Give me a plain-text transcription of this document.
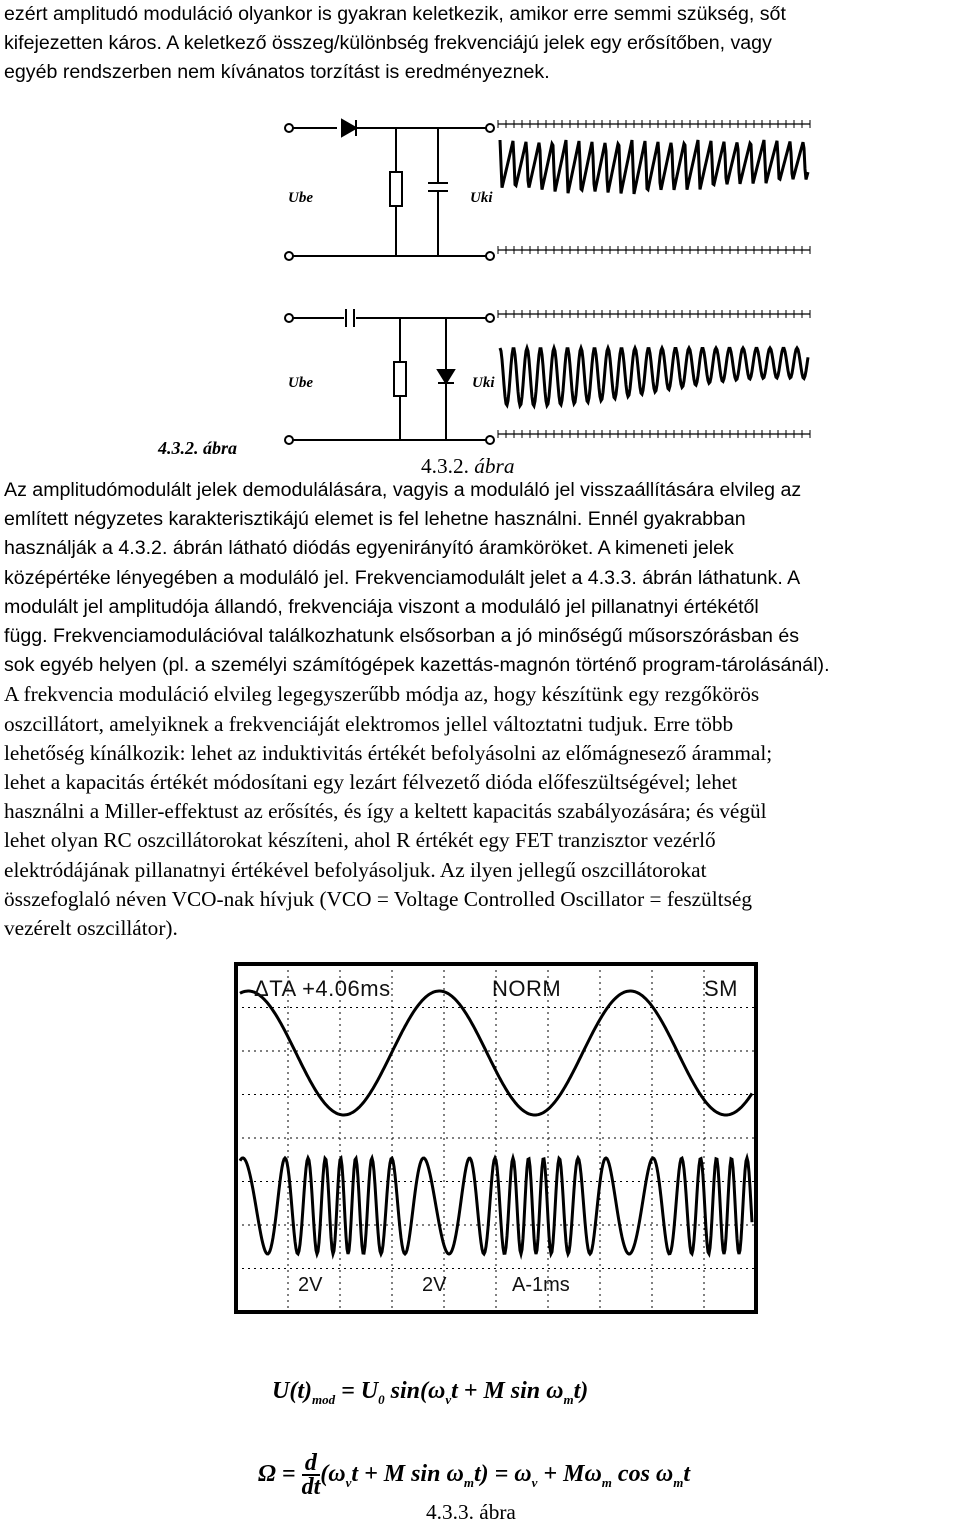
ezért amplitudó moduláció olyankor is gyakran keletkezik, amikor erre semmi szükség, sőt
kifejezetten káros. A keletkező összeg/különbség frekvenciájú jelek egy erősítőben, vagy
egyéb rendszerben nem kívánatos torzítást is eredményeznek.
Ube	Uki
Ube	Uki
4.3.2. ábra
4.3.2. ábra
Az amplitudómodulált jelek demodulálására, vagyis a moduláló jel visszaállítására elvileg az
említett négyzetes karakterisztikájú elemet is fel lehetne használni. Ennél gyakrabban
használják a 4.3.2. ábrán látható diódás egyenirányító áramköröket. A kimeneti jelek
középértéke lényegében a moduláló jel. Frekvenciamodulált jelet a 4.3.3. ábrán láthatunk. A
modulált jel amplitudója állandó, frekvenciája viszont a moduláló jel pillanatnyi értékétől
függ. Frekvenciamodulációval találkozhatunk elsősorban a jó minőségű műsorszórásban és
sok egyéb helyen (pl. a személyi számítógépek kazettás-magnón történő program-tárolásánál).
A frekvencia moduláció elvileg legegyszerűbb módja az, hogy készítünk egy rezgőkörös
oszcillátort, amelyiknek a frekvenciáját elektromos jellel változtatni tudjuk. Erre több
lehetőség kínálkozik: lehet az induktivitás értékét befolyásolni az előmágnesező árammal;
lehet a kapacitás értékét módosítani egy lezárt félvezető dióda előfeszültségével; lehet
használni a Miller-effektust az erősítés, és így a keltett kapacitás szabályozására; és végül
lehet olyan RC oszcillátorokat készíteni, ahol R értékét egy FET tranzisztor vezérlő
elektródájának pillanatnyi értékével befolyásoljuk. Az ilyen jellegű oszcillátorokat
összefoglaló néven VCO-nak hívjuk (VCO = Voltage Controlled Oscillator = feszültség
vezérelt oszcillátor).
ΔTA +4.06ms	NORM	SM
2V	2V	A-1ms
$U(t)_{mod} = U_0$ $\sin(\omega_vt + M$ $\sin \omega_mt$)
$\Omega = \frac{d}{dt} (\omega_vt + M$ $\sin \omega_mt) = \omega_v + M\omega_m$ $\cos \omega_mt$
4.3.3. ábra
